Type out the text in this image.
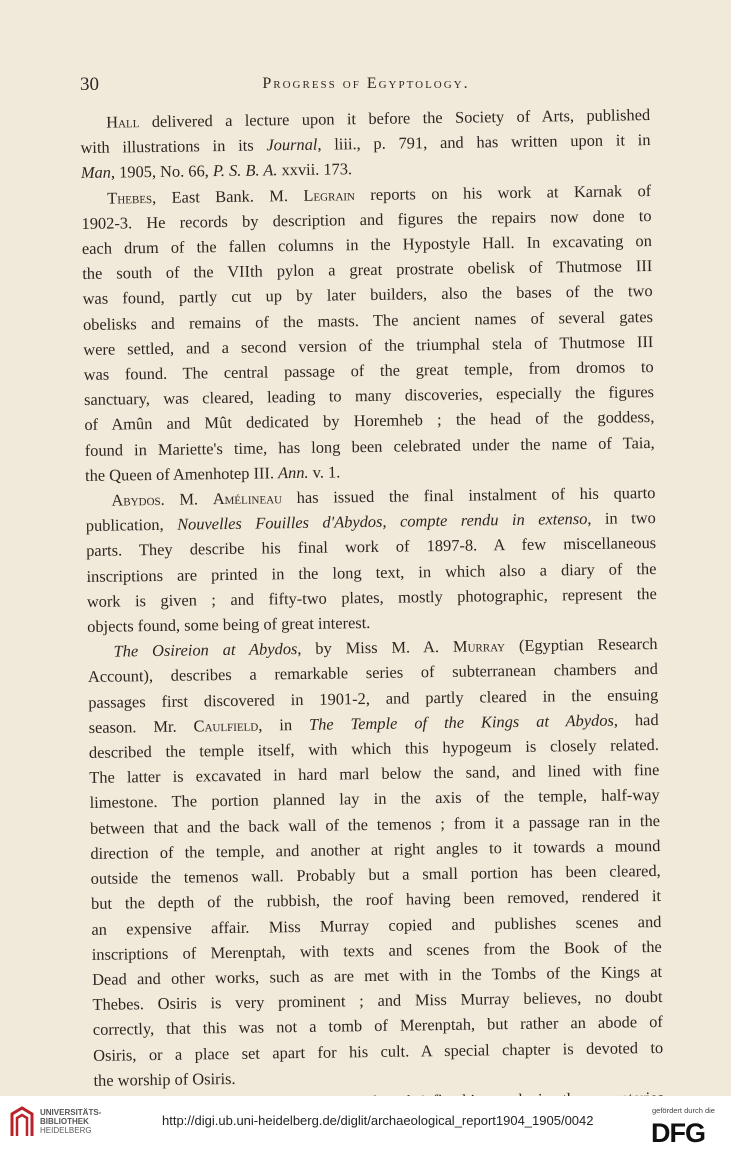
30	Progress of Egyptology.
Hall delivered a lecture upon it before the Society of Arts, published
with illustrations in its Journal, liii., p. 791, and has written upon it in
Man, 1905, No. 66, P. S. B. A. xxvii. 173.
Thebes, East Bank. M. Legrain reports on his work at Karnak of
1902-3. He records by description and figures the repairs now done to
each drum of the fallen columns in the Hypostyle Hall. In excavating on
the south of the VIIth pylon a great prostrate obelisk of Thutmose III
was found, partly cut up by later builders, also the bases of the two
obelisks and remains of the masts. The ancient names of several gates
were settled, and a second version of the triumphal stela of Thutmose III
was found. The central passage of the great temple, from dromos to
sanctuary, was cleared, leading to many discoveries, especially the figures
of Amûn and Mût dedicated by Horemheb ; the head of the goddess,
found in Mariette's time, has long been celebrated under the name of Taia,
the Queen of Amenhotep III. Ann. v. 1.
Abydos. M. Amélineau has issued the final instalment of his quarto
publication, Nouvelles Fouilles d'Abydos, compte rendu in extenso, in two
parts. They describe his final work of 1897-8. A few miscellaneous
inscriptions are printed in the long text, in which also a diary of the
work is given ; and fifty-two plates, mostly photographic, represent the
objects found, some being of great interest.
The Osireion at Abydos, by Miss M. A. Murray (Egyptian Research
Account), describes a remarkable series of subterranean chambers and
passages first discovered in 1901-2, and partly cleared in the ensuing
season. Mr. Caulfield, in The Temple of the Kings at Abydos, had
described the temple itself, with which this hypogeum is closely related.
The latter is excavated in hard marl below the sand, and lined with fine
limestone. The portion planned lay in the axis of the temple, half-way
between that and the back wall of the temenos ; from it a passage ran in the
direction of the temple, and another at right angles to it towards a mound
outside the temenos wall. Probably but a small portion has been cleared,
but the depth of the rubbish, the roof having been removed, rendered it
an expensive affair. Miss Murray copied and publishes scenes and
inscriptions of Merenptah, with texts and scenes from the Book of the
Dead and other works, such as are met with in the Tombs of the Kings at
Thebes. Osiris is very prominent ; and Miss Murray believes, no doubt
correctly, that this was not a tomb of Merenptah, but rather an abode of
Osiris, or a place set apart for his cult. A special chapter is devoted to
the worship of Osiris.
UNIVERSITÄTS-
BIBLIOTHEK
HEIDELBERG
http://digi.ub.uni-heidelberg.de/diglit/archaeological_report1904_1905/0042
gefördert durch die
DFG
